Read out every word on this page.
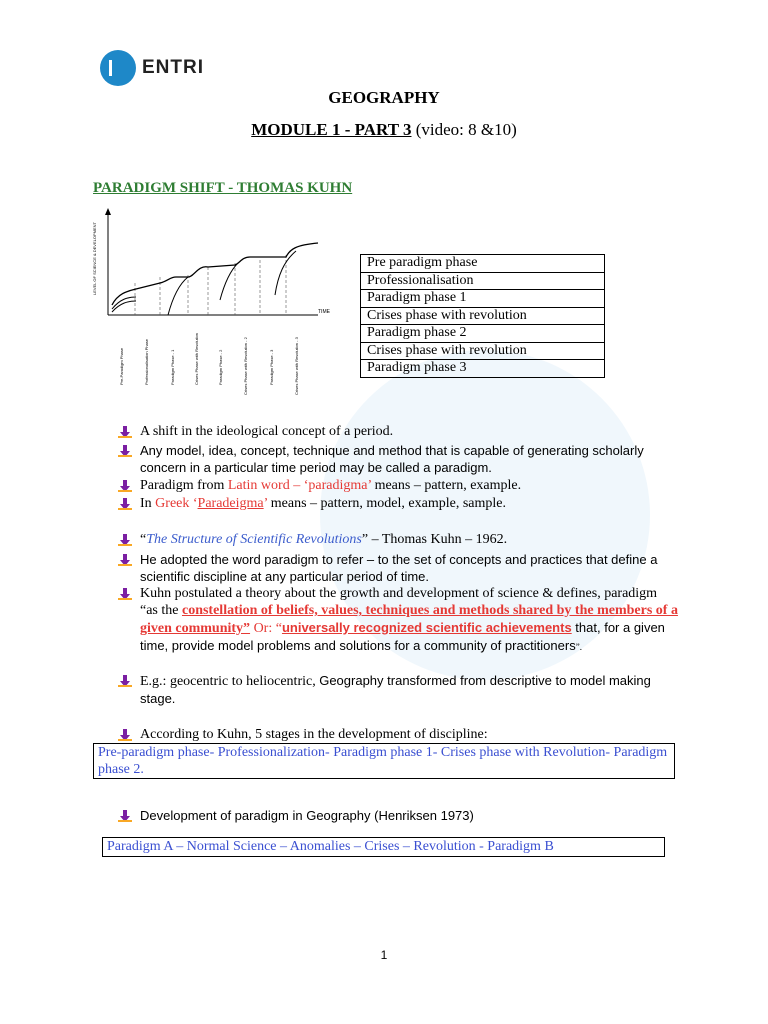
ENTRI
GEOGRAPHY
MODULE 1 - PART 3 (video: 8 &10)
PARADIGM SHIFT - THOMAS KUHN
LEVEL OF SCIENCE & DEVELOPMENT
TIME
Pre-Paradigm Phase	Professionalisation Phase	Paradigm Phase - 1	Crises Phase with Revolution	Paradigm Phase - 2	Crises Phase with Revolution - 2	Paradigm Phase - 3	Crises Phase with Revolution - 3
Pre paradigm phase
Professionalisation
Paradigm phase 1
Crises phase with revolution
Paradigm phase 2
Crises phase with revolution
Paradigm phase 3
A shift in the ideological concept of a period.
Any model, idea, concept, technique and method that is capable of generating scholarly concern in a particular time period may be called a paradigm.
Paradigm from Latin word – ‘paradigma’ means – pattern, example.
In Greek ‘Paradeigma’ means – pattern, model, example, sample.
“The Structure of Scientific Revolutions” – Thomas Kuhn – 1962.
He adopted the word paradigm to refer – to the set of concepts and practices that define a scientific discipline at any particular period of time.
Kuhn postulated a theory about the growth and development of science & defines, paradigm “as the constellation of beliefs, values, techniques and methods shared by the members of a given community” Or: “universally recognized scientific achievements that, for a given time, provide model problems and solutions for a community of practitioners”.
E.g.: geocentric to heliocentric, Geography transformed from descriptive to model making stage.
According to Kuhn, 5 stages in the development of discipline:
Development of paradigm in Geography (Henriksen 1973)
Pre-paradigm phase- Professionalization- Paradigm phase 1- Crises phase with Revolution- Paradigm phase 2.
Paradigm A – Normal Science – Anomalies – Crises – Revolution - Paradigm B
1
